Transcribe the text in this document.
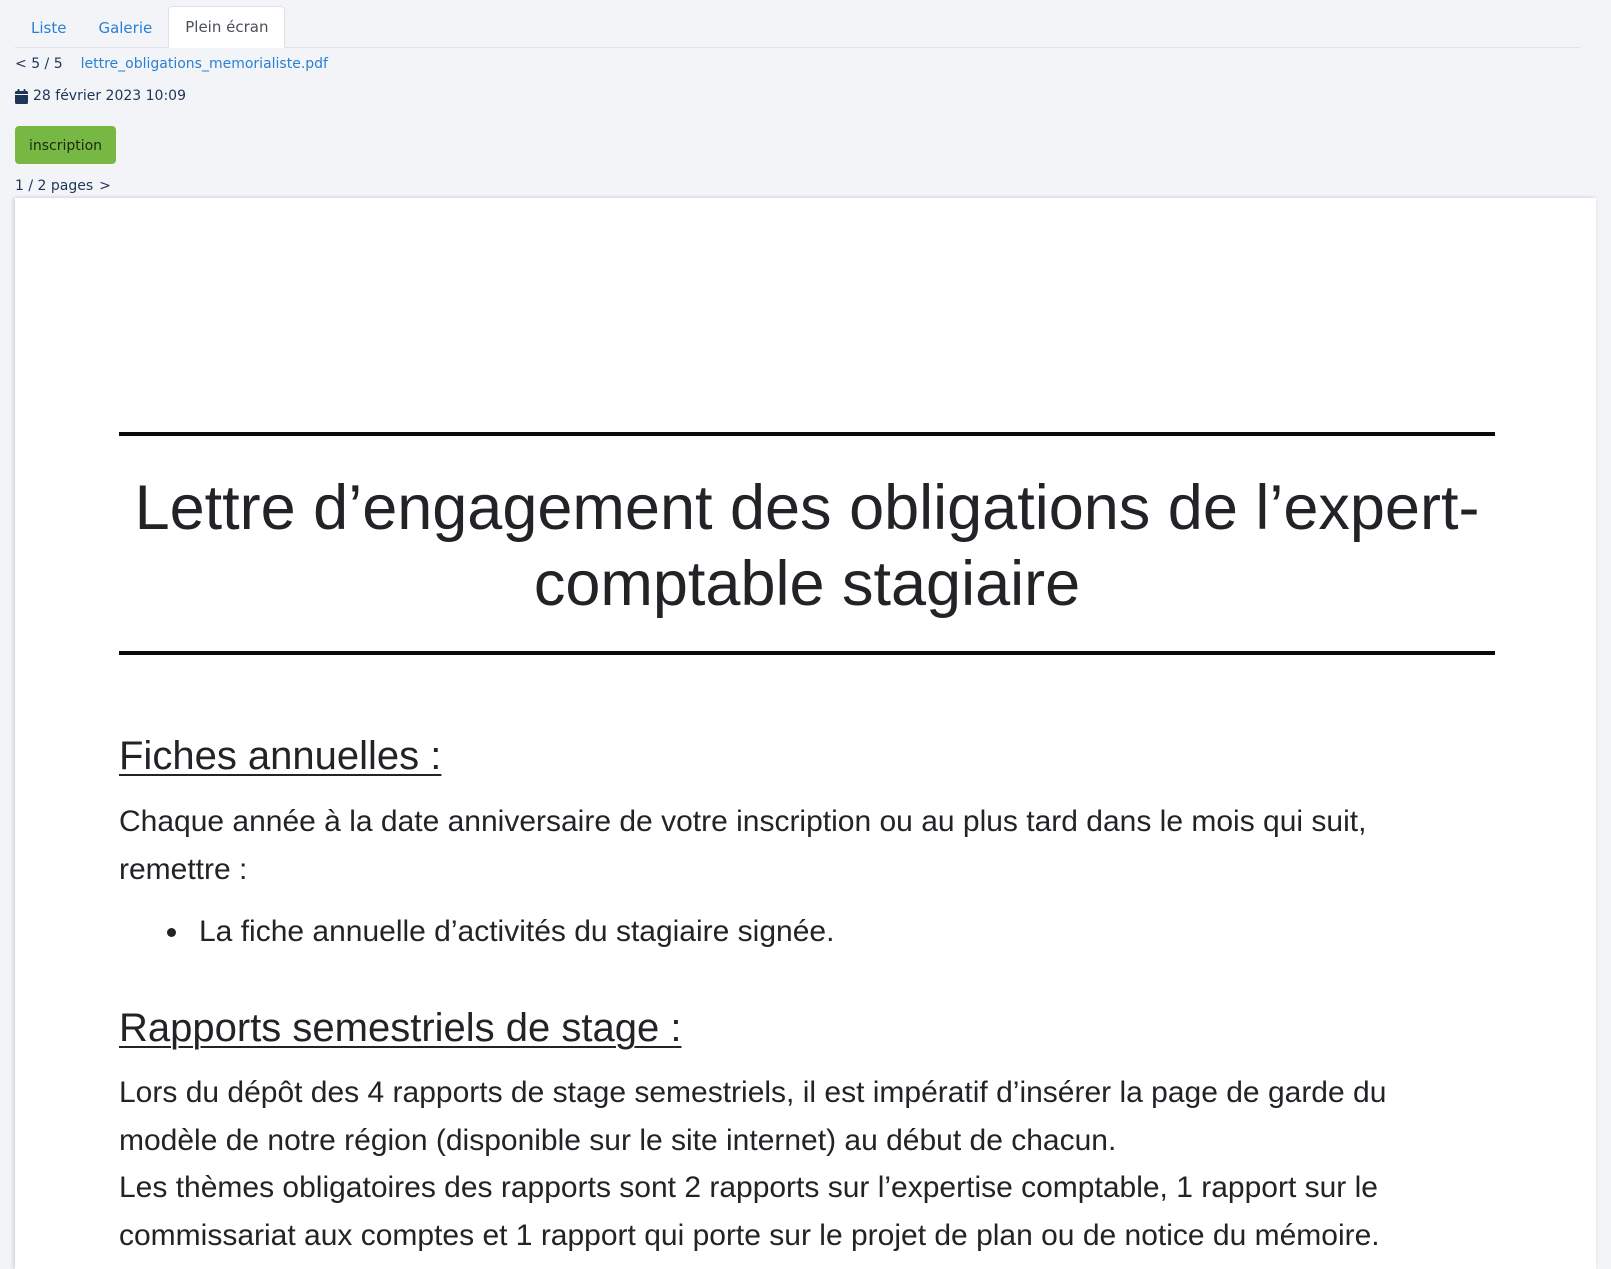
Liste	Galerie	Plein écran
< 5 / 5 lettre_obligations_memorialiste.pdf
28 février 2023 10:09
inscription
1 / 2 pages >
Lettre d’engagement des obligations de l’expert-
comptable stagiaire
Fiches annuelles :

Chaque année à la date anniversaire de votre inscription ou au plus tard dans le mois qui suit,
remettre :

La fiche annuelle d’activités du stagiaire signée.
Rapports semestriels de stage :

Lors du dépôt des 4 rapports de stage semestriels, il est impératif d’insérer la page de garde du
modèle de notre région (disponible sur le site internet) au début de chacun.
Les thèmes obligatoires des rapports sont 2 rapports sur l’expertise comptable, 1 rapport sur le
commissariat aux comptes et 1 rapport qui porte sur le projet de plan ou de notice du mémoire.
